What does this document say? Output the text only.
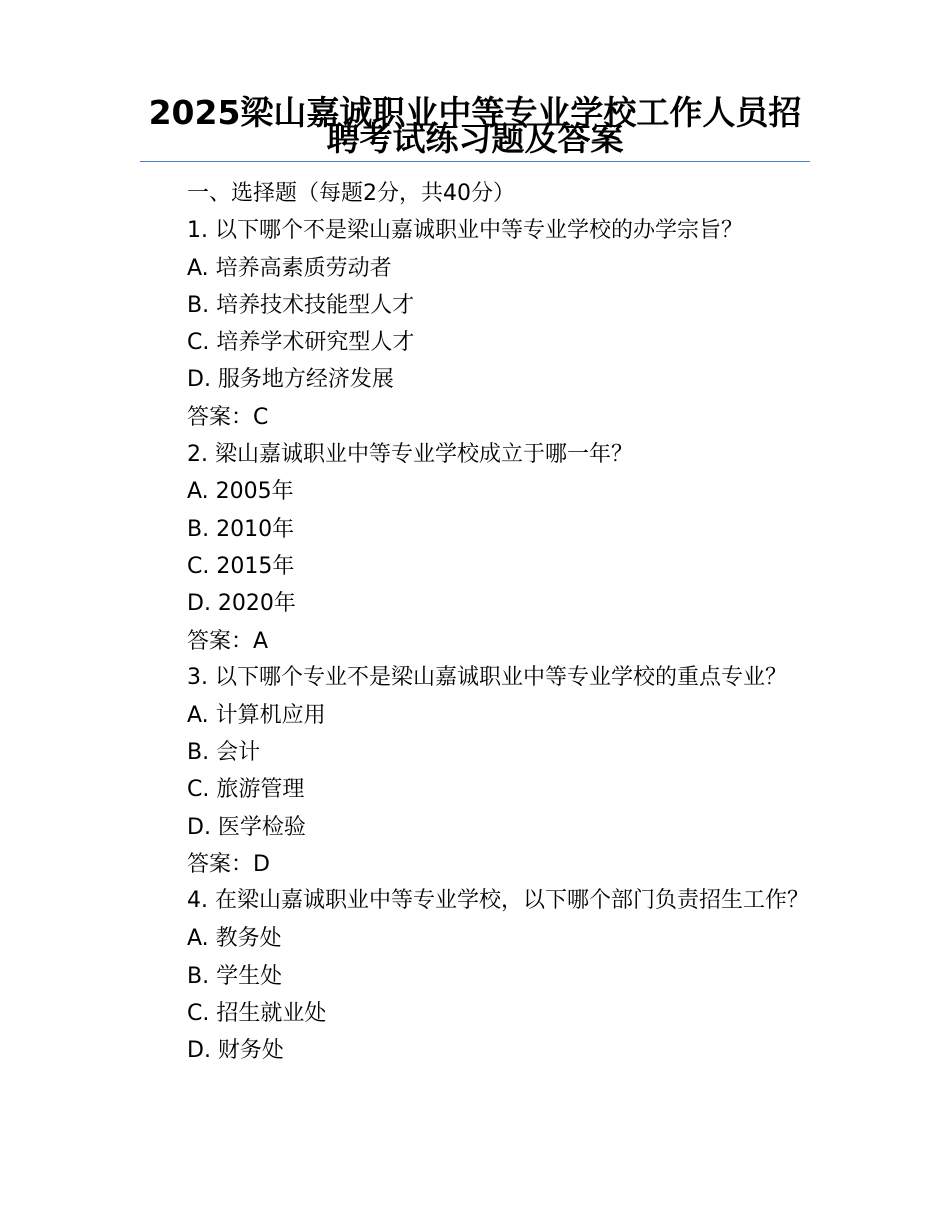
2025梁山嘉诚职业中等专业学校工作人员招聘考试练习题及答案

一、选择题（每题2分，共40分）

1. 以下哪个不是梁山嘉诚职业中等专业学校的办学宗旨？

A. 培养高素质劳动者

B. 培养技术技能型人才

C. 培养学术研究型人才

D. 服务地方经济发展

答案：C

2. 梁山嘉诚职业中等专业学校成立于哪一年？

A. 2005年

B. 2010年

C. 2015年

D. 2020年

答案：A

3. 以下哪个专业不是梁山嘉诚职业中等专业学校的重点专业？

A. 计算机应用

B. 会计

C. 旅游管理

D. 医学检验

答案：D

4. 在梁山嘉诚职业中等专业学校，以下哪个部门负责招生工作？

A. 教务处

B. 学生处

C. 招生就业处

D. 财务处
